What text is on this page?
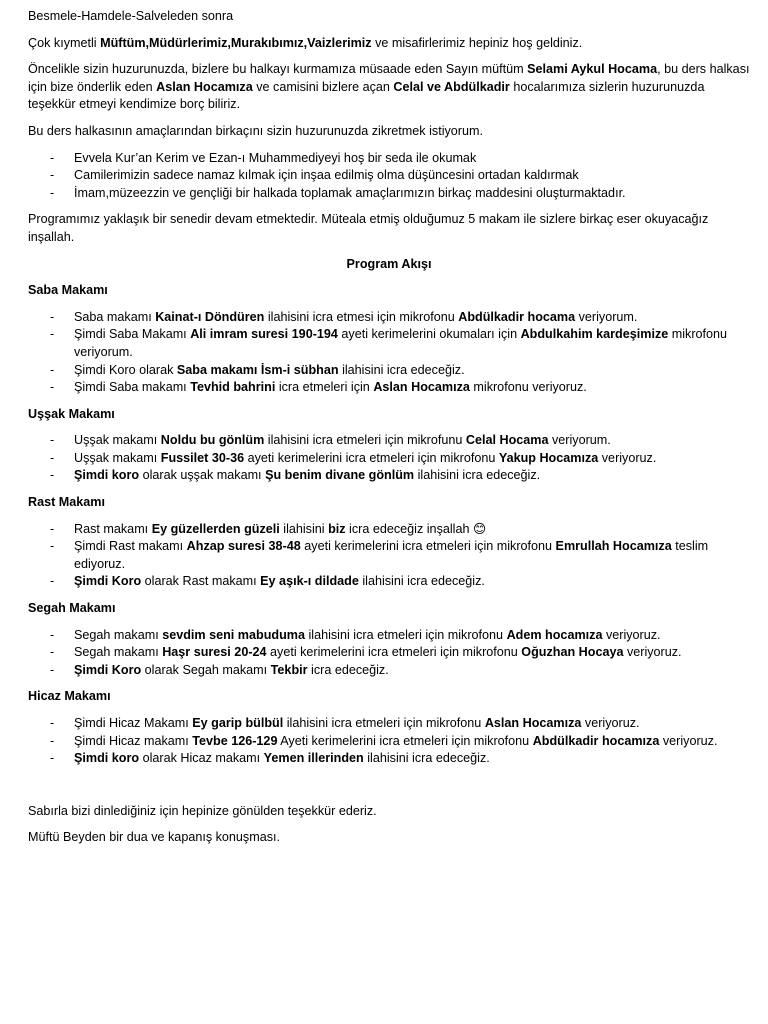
Besmele-Hamdele-Salveleden sonra

Çok kıymetli Müftüm,Müdürlerimiz,Murakıbımız,Vaizlerimiz ve misafirlerimiz hepiniz hoş geldiniz.

Öncelikle sizin huzurunuzda, bizlere bu halkayı kurmamıza müsaade eden Sayın müftüm Selami Aykul Hocama, bu ders halkası için bize önderlik eden Aslan Hocamıza ve camisini bizlere açan Celal ve Abdülkadir hocalarımıza sizlerin huzurunuzda teşekkür etmeyi kendimize borç biliriz.

Bu ders halkasının amaçlarından birkaçını sizin huzurunuzda zikretmek istiyorum.

- Evvela Kur’an Kerim ve Ezan-ı Muhammediyeyi hoş bir seda ile okumak
- Camilerimizin sadece namaz kılmak için inşaa edilmiş olma düşüncesini ortadan kaldırmak
- İmam,müzeezzin ve gençliği bir halkada toplamak amaçlarımızın birkaç maddesini oluşturmaktadır.

Programımız yaklaşık bir senedir devam etmektedir. Müteala etmiş olduğumuz 5 makam ile sizlere birkaç eser okuyacağız inşallah.

Program Akışı

Saba Makamı

- Saba makamı Kainat-ı Döndüren ilahisini icra etmesi için mikrofonu Abdülkadir hocama veriyorum.
- Şimdi Saba Makamı Ali imram suresi 190-194 ayeti kerimelerini okumaları için Abdulkahim kardeşimize mikrofonu veriyorum.
- Şimdi Koro olarak Saba makamı İsm-i sübhan ilahisini icra edeceğiz.
- Şimdi Saba makamı Tevhid bahrini icra etmeleri için Aslan Hocamıza mikrofonu veriyoruz.

Uşşak Makamı

- Uşşak makamı Noldu bu gönlüm ilahisini icra etmeleri için mikrofunu Celal Hocama veriyorum.
- Uşşak makamı Fussilet 30-36 ayeti kerimelerini icra etmeleri için mikrofonu Yakup Hocamıza veriyoruz.
- Şimdi koro olarak uşşak makamı Şu benim divane gönlüm ilahisini icra edeceğiz.

Rast Makamı

- Rast makamı Ey güzellerden güzeli ilahisini biz icra edeceğiz inşallah 😊
- Şimdi Rast makamı Ahzap suresi 38-48 ayeti kerimelerini icra etmeleri için mikrofonu Emrullah Hocamıza teslim ediyoruz.
- Şimdi Koro olarak Rast makamı Ey aşık-ı dildade ilahisini icra edeceğiz.

Segah Makamı

- Segah makamı sevdim seni mabuduma ilahisini icra etmeleri için mikrofonu Adem hocamıza veriyoruz.
- Segah makamı Haşr suresi 20-24 ayeti kerimelerini icra etmeleri için mikrofonu Oğuzhan Hocaya veriyoruz.
- Şimdi Koro olarak Segah makamı Tekbir icra edeceğiz.

Hicaz Makamı

- Şimdi Hicaz Makamı Ey garip bülbül ilahisini icra etmeleri için mikrofonu Aslan Hocamıza veriyoruz.
- Şimdi Hicaz makamı Tevbe 126-129 Ayeti kerimelerini icra etmeleri için mikrofonu Abdülkadir hocamıza veriyoruz.
- Şimdi koro olarak Hicaz makamı Yemen illerinden ilahisini icra edeceğiz.

Sabırla bizi dinlediğiniz için hepinize gönülden teşekkür ederiz.

Müftü Beyden bir dua ve kapanış konuşması.
